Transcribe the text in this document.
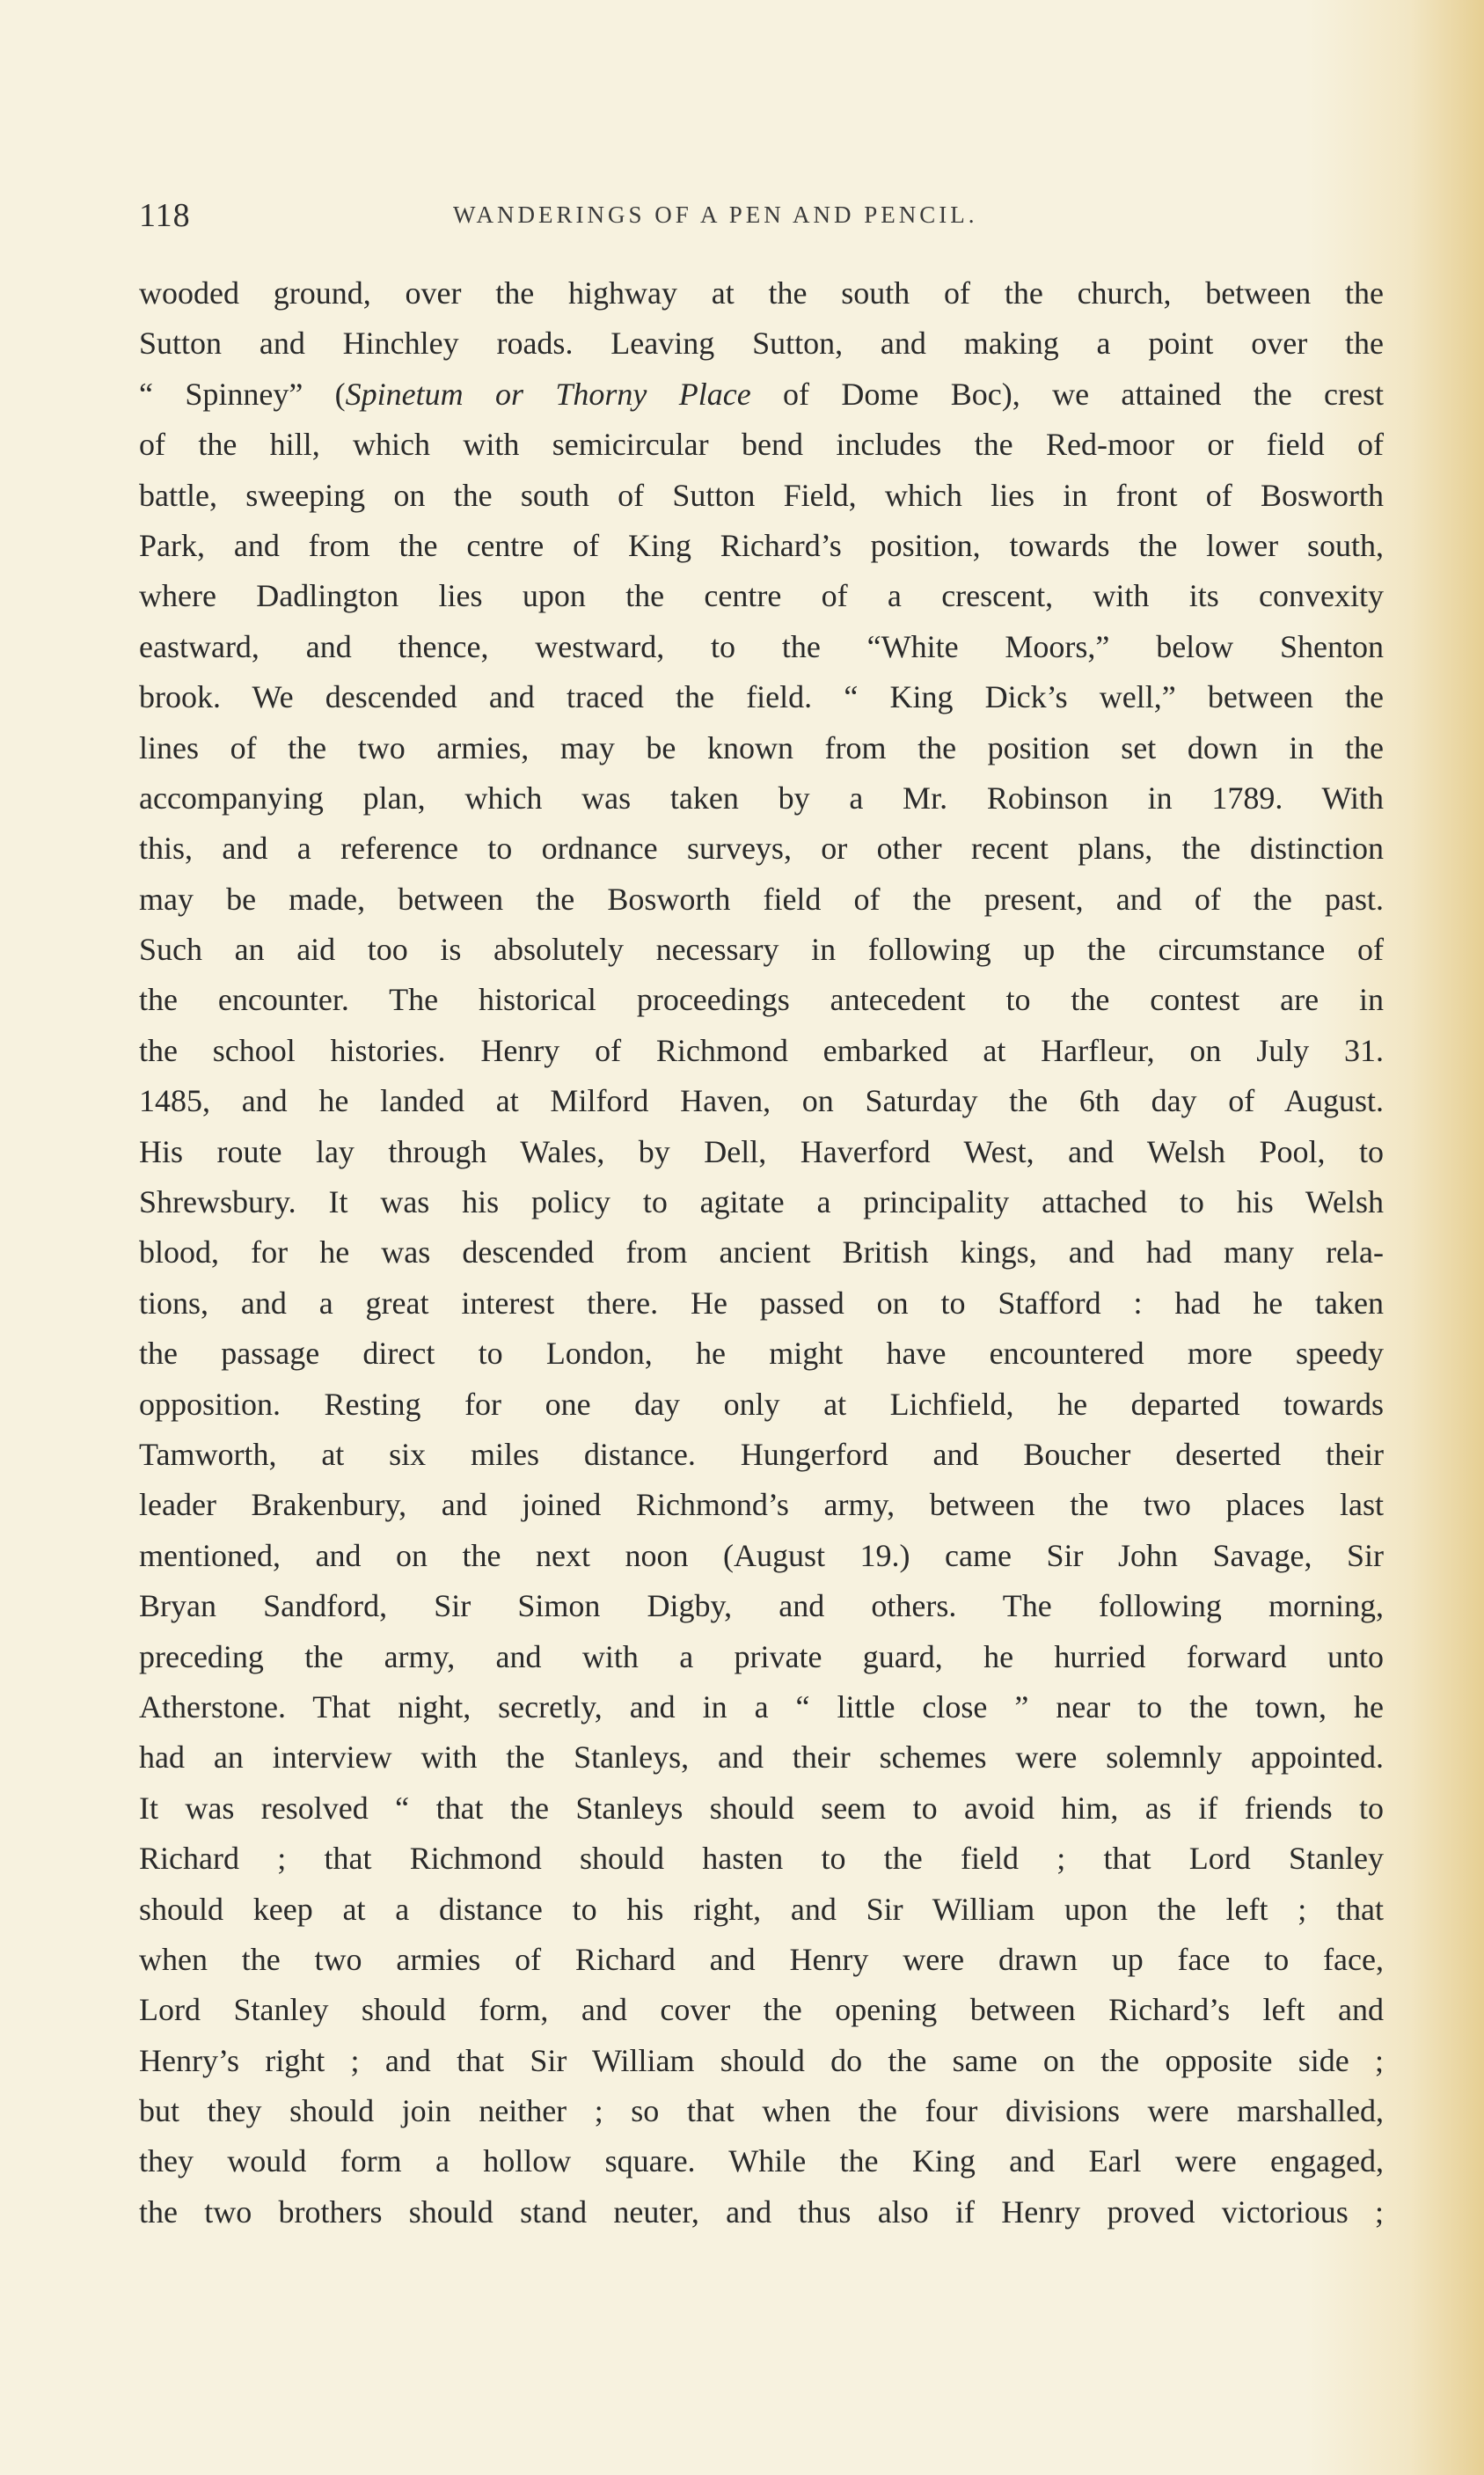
118	WANDERINGS OF A PEN AND PENCIL.
wooded ground, over the highway at the south of the church, between the
Sutton and Hinchley roads. Leaving Sutton, and making a point over the
“ Spinney” (Spinetum or Thorny Place of Dome Boc), we attained the crest
of the hill, which with semicircular bend includes the Red-moor or field of
battle, sweeping on the south of Sutton Field, which lies in front of Bosworth
Park, and from the centre of King Richard’s position, towards the lower south,
where Dadlington lies upon the centre of a crescent, with its convexity
eastward, and thence, westward, to the “White Moors,” below Shenton
brook. We descended and traced the field. “ King Dick’s well,” between the
lines of the two armies, may be known from the position set down in the
accompanying plan, which was taken by a Mr. Robinson in 1789. With
this, and a reference to ordnance surveys, or other recent plans, the distinction
may be made, between the Bosworth field of the present, and of the past.
Such an aid too is absolutely necessary in following up the circumstance of
the encounter. The historical proceedings antecedent to the contest are in
the school histories. Henry of Richmond embarked at Harfleur, on July 31.
1485, and he landed at Milford Haven, on Saturday the 6th day of August.
His route lay through Wales, by Dell, Haverford West, and Welsh Pool, to
Shrewsbury. It was his policy to agitate a principality attached to his Welsh
blood, for he was descended from ancient British kings, and had many rela-
tions, and a great interest there. He passed on to Stafford : had he taken
the passage direct to London, he might have encountered more speedy
opposition. Resting for one day only at Lichfield, he departed towards
Tamworth, at six miles distance. Hungerford and Boucher deserted their
leader Brakenbury, and joined Richmond’s army, between the two places last
mentioned, and on the next noon (August 19.) came Sir John Savage, Sir
Bryan Sandford, Sir Simon Digby, and others. The following morning,
preceding the army, and with a private guard, he hurried forward unto
Atherstone. That night, secretly, and in a “ little close ” near to the town, he
had an interview with the Stanleys, and their schemes were solemnly appointed.
It was resolved “ that the Stanleys should seem to avoid him, as if friends to
Richard ; that Richmond should hasten to the field ; that Lord Stanley
should keep at a distance to his right, and Sir William upon the left ; that
when the two armies of Richard and Henry were drawn up face to face,
Lord Stanley should form, and cover the opening between Richard’s left and
Henry’s right ; and that Sir William should do the same on the opposite side ;
but they should join neither ; so that when the four divisions were marshalled,
they would form a hollow square. While the King and Earl were engaged,
the two brothers should stand neuter, and thus also if Henry proved victorious ;
